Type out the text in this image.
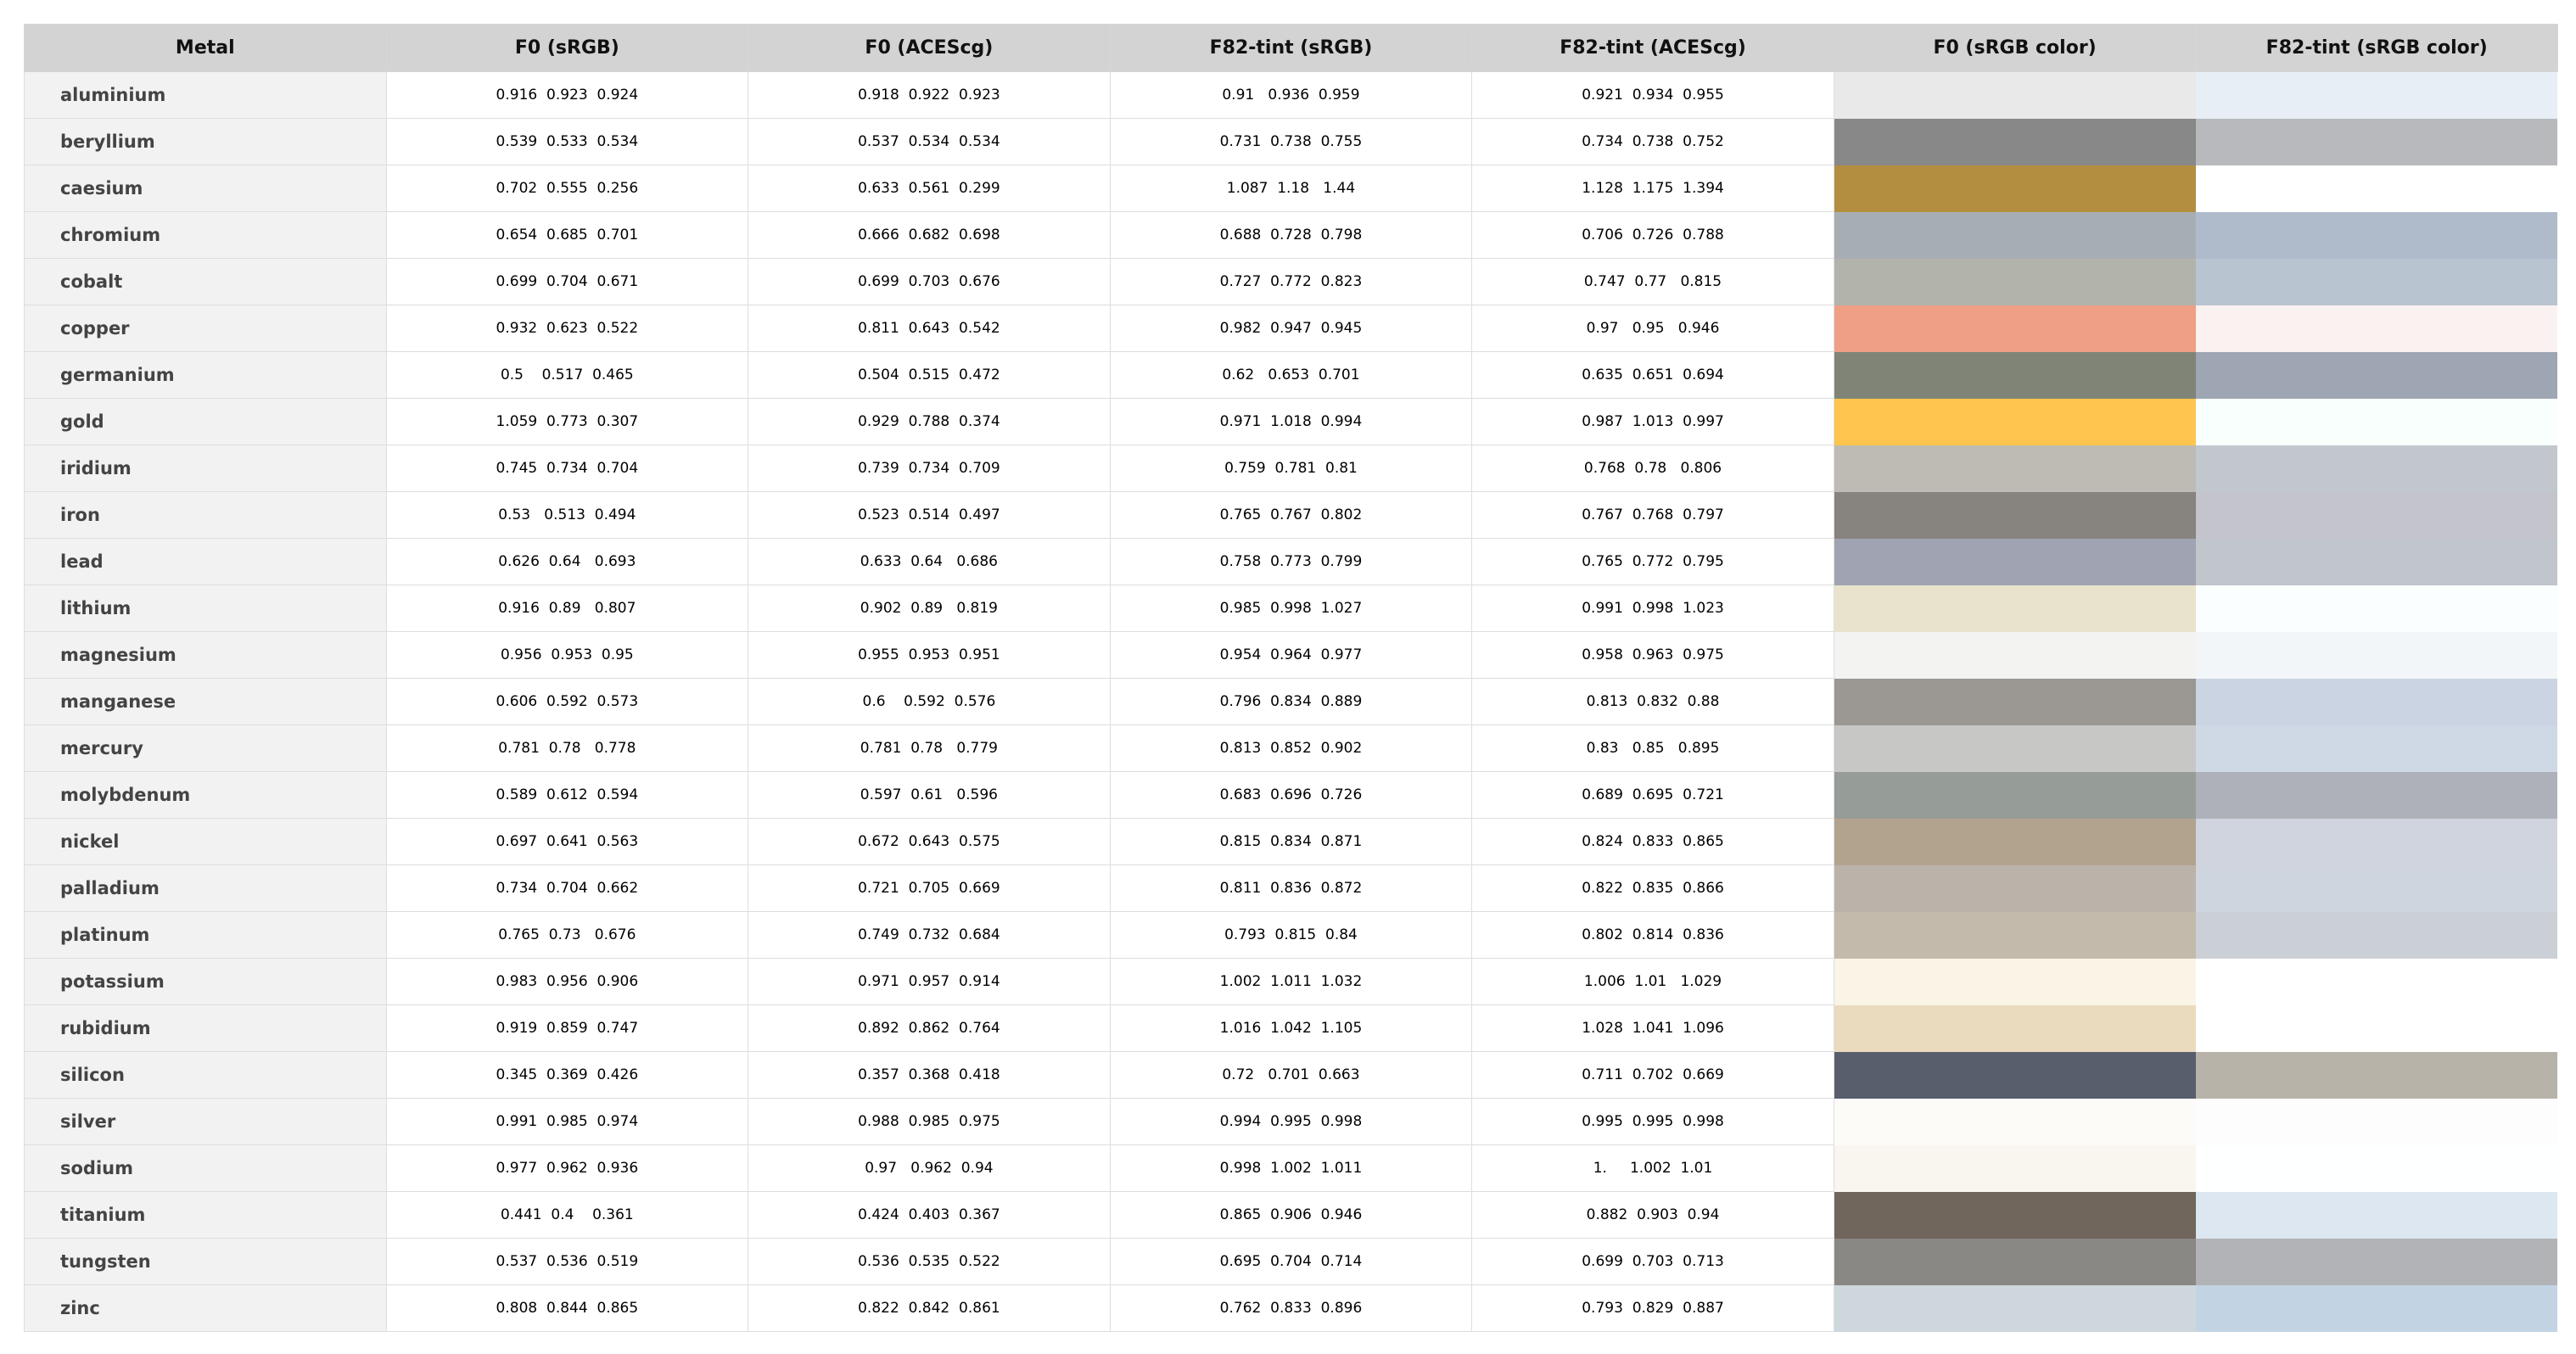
Metal	F0 (sRGB)	F0 (ACEScg)	F82-tint (sRGB)	F82-tint (ACEScg)	F0 (sRGB color)	F82-tint (sRGB color)
aluminium	0.916  0.923  0.924	0.918  0.922  0.923	0.91   0.936  0.959	0.921  0.934  0.955		
beryllium	0.539  0.533  0.534	0.537  0.534  0.534	0.731  0.738  0.755	0.734  0.738  0.752		
caesium	0.702  0.555  0.256	0.633  0.561  0.299	1.087  1.18   1.44	1.128  1.175  1.394		
chromium	0.654  0.685  0.701	0.666  0.682  0.698	0.688  0.728  0.798	0.706  0.726  0.788		
cobalt	0.699  0.704  0.671	0.699  0.703  0.676	0.727  0.772  0.823	0.747  0.77   0.815		
copper	0.932  0.623  0.522	0.811  0.643  0.542	0.982  0.947  0.945	0.97   0.95   0.946		
germanium	0.5    0.517  0.465	0.504  0.515  0.472	0.62   0.653  0.701	0.635  0.651  0.694		
gold	1.059  0.773  0.307	0.929  0.788  0.374	0.971  1.018  0.994	0.987  1.013  0.997		
iridium	0.745  0.734  0.704	0.739  0.734  0.709	0.759  0.781  0.81	0.768  0.78   0.806		
iron	0.53   0.513  0.494	0.523  0.514  0.497	0.765  0.767  0.802	0.767  0.768  0.797		
lead	0.626  0.64   0.693	0.633  0.64   0.686	0.758  0.773  0.799	0.765  0.772  0.795		
lithium	0.916  0.89   0.807	0.902  0.89   0.819	0.985  0.998  1.027	0.991  0.998  1.023		
magnesium	0.956  0.953  0.95	0.955  0.953  0.951	0.954  0.964  0.977	0.958  0.963  0.975		
manganese	0.606  0.592  0.573	0.6    0.592  0.576	0.796  0.834  0.889	0.813  0.832  0.88		
mercury	0.781  0.78   0.778	0.781  0.78   0.779	0.813  0.852  0.902	0.83   0.85   0.895		
molybdenum	0.589  0.612  0.594	0.597  0.61   0.596	0.683  0.696  0.726	0.689  0.695  0.721		
nickel	0.697  0.641  0.563	0.672  0.643  0.575	0.815  0.834  0.871	0.824  0.833  0.865		
palladium	0.734  0.704  0.662	0.721  0.705  0.669	0.811  0.836  0.872	0.822  0.835  0.866		
platinum	0.765  0.73   0.676	0.749  0.732  0.684	0.793  0.815  0.84	0.802  0.814  0.836		
potassium	0.983  0.956  0.906	0.971  0.957  0.914	1.002  1.011  1.032	1.006  1.01   1.029		
rubidium	0.919  0.859  0.747	0.892  0.862  0.764	1.016  1.042  1.105	1.028  1.041  1.096		
silicon	0.345  0.369  0.426	0.357  0.368  0.418	0.72   0.701  0.663	0.711  0.702  0.669		
silver	0.991  0.985  0.974	0.988  0.985  0.975	0.994  0.995  0.998	0.995  0.995  0.998		
sodium	0.977  0.962  0.936	0.97   0.962  0.94	0.998  1.002  1.011	1.     1.002  1.01		
titanium	0.441  0.4    0.361	0.424  0.403  0.367	0.865  0.906  0.946	0.882  0.903  0.94		
tungsten	0.537  0.536  0.519	0.536  0.535  0.522	0.695  0.704  0.714	0.699  0.703  0.713		
zinc	0.808  0.844  0.865	0.822  0.842  0.861	0.762  0.833  0.896	0.793  0.829  0.887		
